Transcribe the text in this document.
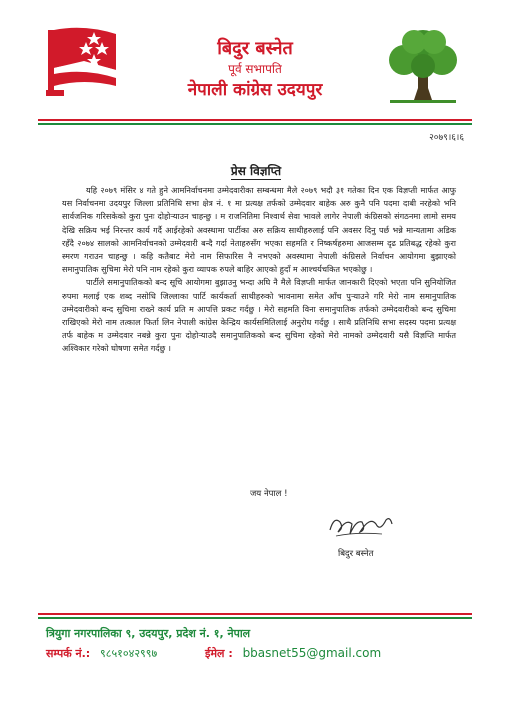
बिदुर बस्नेत
पूर्व सभापति
नेपाली कांग्रेस उदयपुर
२०७९।६।६
प्रेस विज्ञप्ति

यहि २०७९ मंसिर ४ गते हुने आमनिर्वाचनमा उम्मेदवारीका सम्बन्धमा मैले २०७९ भदौ ३१ गतेका दिन एक विज्ञप्ती मार्फत आफु यस निर्वाचनमा उदयपुर जिल्ला प्रतिनिधि सभा क्षेत्र नं. १ मा प्रत्यक्ष तर्फको उम्मेदवार बाहेक अरु कुनै पनि पदमा दाबी नरहेको भनि सार्वजनिक गरिसकेको कुरा पुनः दोहोऱ्याउन चाहन्छु । म राजनितिमा निश्वार्थ सेवा भावले लागेर नेपाली कंग्रिसको संगठनमा लामो समय देखि सक्रिय भई निरन्तर कार्य गर्दै आईरहेको अवस्थामा पार्टीका अरु सक्रिय साथीहरुलाई पनि अवसर दिनु पर्छ भन्ने मान्यतामा अडिक रहँदै २०७४ सालको आमनिर्वाचनको उम्मेदवारी बन्दै गर्दा नेताहरुसँग भएका सहमति र निष्कर्षहरुमा आजसम्म दृढ प्रतिबद्ध रहेको कुरा स्मरण गराउन चाहन्छु । कहि कतैबाट मेरो नाम सिफारिस नै नभएको अवस्थामा नेपाली कंग्रिसले निर्वाचन आयोगमा बुझाएको समानुपातिक सुचिमा मेरो पनि नाम रहेको कुरा व्यापक रुपले बाहिर आएको हुदाँ म आश्चर्यचकित भएकोछु ।

पार्टीले समानुपातिकको बन्द सूचि आयोगमा बुझाउनु भन्दा अघि नै मैले विज्ञप्ती मार्फत जानकारी दिएको भएता पनि सुनियोजित रुपमा मलाई एक शब्द नसोधि जिल्लाका पार्टि कार्यकर्ता साथीहरुको भावनामा समेत आँच पुऱ्याउने गरि मेरो नाम समानुपातिक उम्मेदवारीको बन्द सुचिमा राख्ने कार्य प्रति म आपत्ति प्रकट गर्दछु । मेरो सहमति विना समानुपातिक तर्फको उम्मेदवारीको बन्द सुचिमा राखिएको मेरो नाम तत्काल फिर्ता लिन नेपाली कांग्रेस केन्द्रिय कार्यसमितिलाई अनुरोध गर्दछु । साथै प्रतिनिधि सभा सदस्य पदमा प्रत्यक्ष तर्फ बाहेक म उम्मेदवार नबन्ने कुरा पुनः दोहोऱ्याउदै समानुपातिकको बन्द सुचिमा रहेको मेरो नामको उम्मेदवारी यसै विज्ञप्ति मार्फत अश्विकार गरेको घोषणा समेत गर्दछु ।

जय नेपाल !
बिदुर बस्नेत
त्रियुगा नगरपालिका ९, उदयपुर, प्रदेश नं. १, नेपाल
सम्पर्क नं.: ९८५१०४२९९७	ईमेल : bbasnet55@gmail.com
